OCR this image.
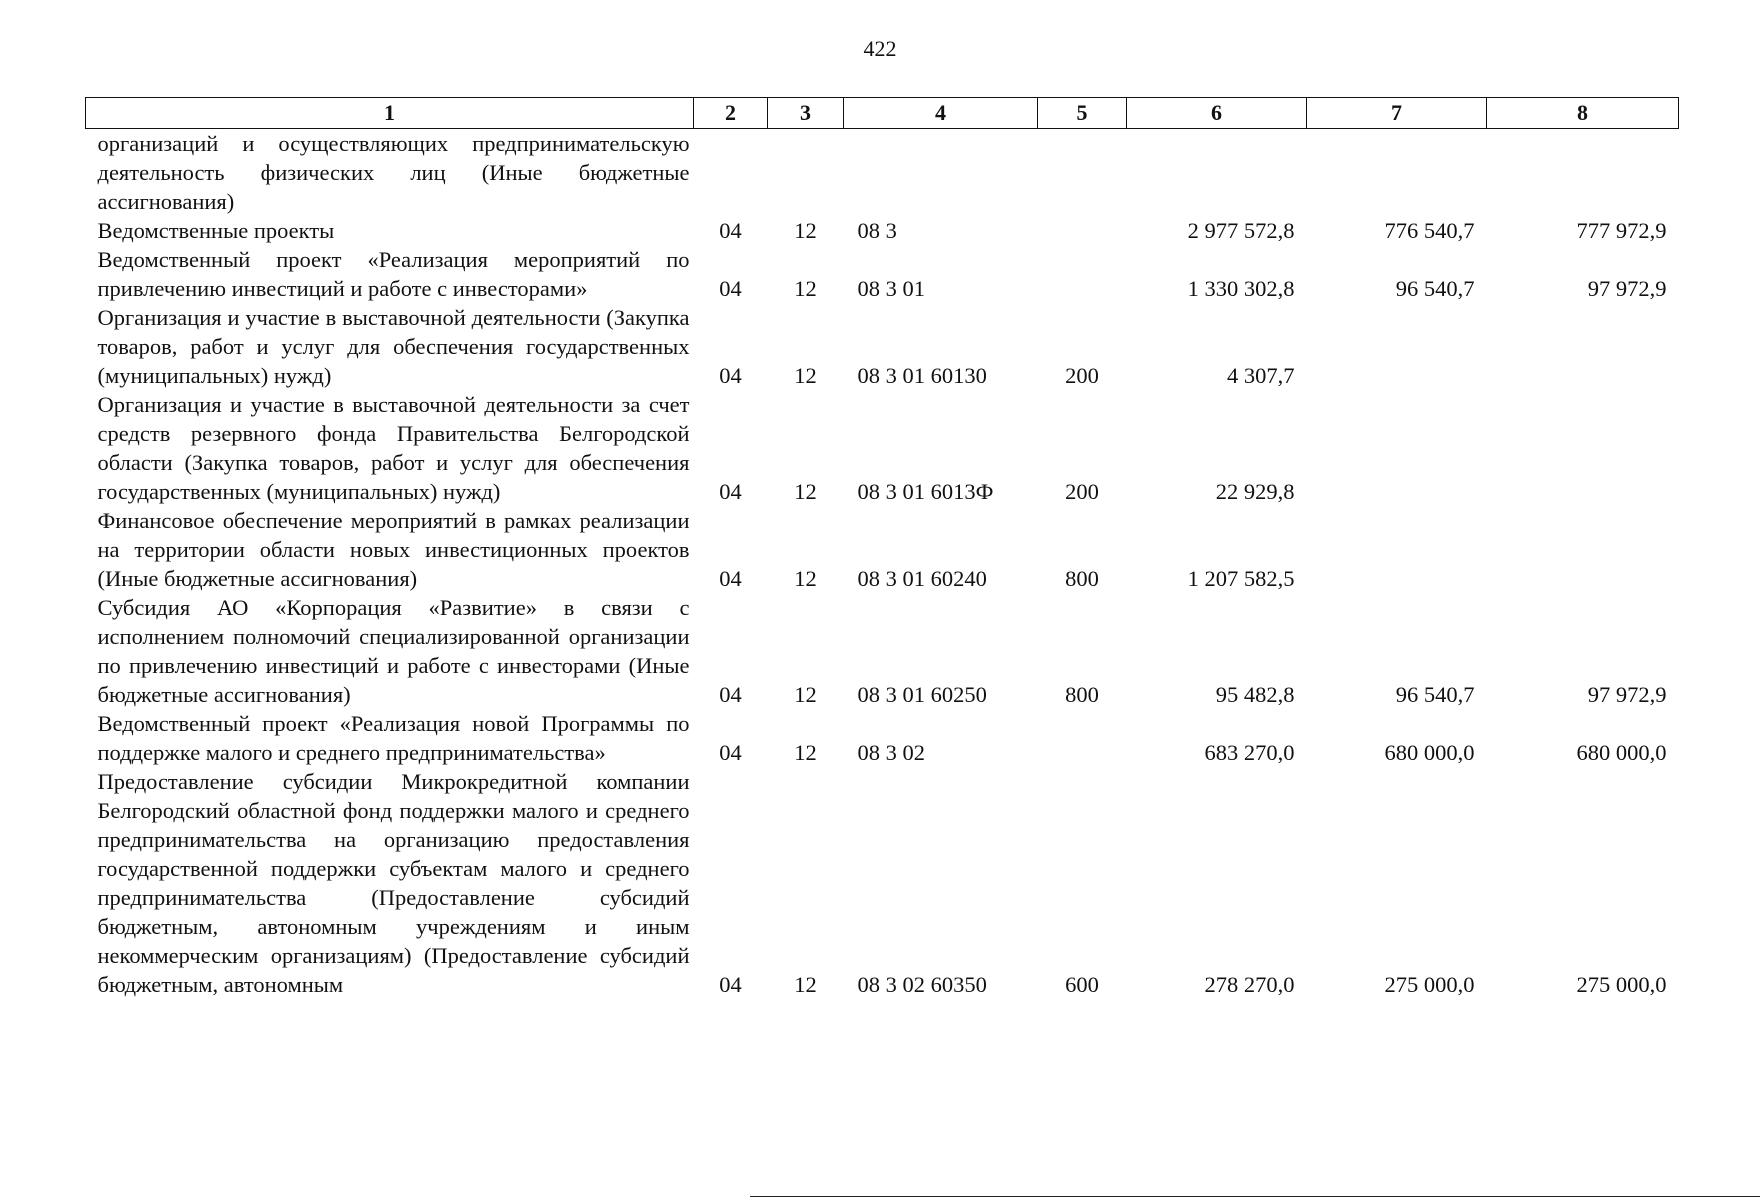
422
1	2	3	4	5	6	7	8
организаций и осуществляющих предпринимательскую деятельность физических лиц (Иные бюджетные ассигнования)							
Ведомственные проекты	04	12	08 3		2 977 572,8	776 540,7	777 972,9
Ведомственный проект «Реализация мероприятий по привлечению инвестиций и работе с инвесторами»	04	12	08 3 01		1 330 302,8	96 540,7	97 972,9
Организация и участие в выставочной деятельности (Закупка товаров, работ и услуг для обеспечения государственных (муниципальных) нужд)	04	12	08 3 01 60130	200	4 307,7		
Организация и участие в выставочной деятельности за счет средств резервного фонда Правительства Белгородской области (Закупка товаров, работ и услуг для обеспечения государственных (муниципальных) нужд)	04	12	08 3 01 6013Ф	200	22 929,8		
Финансовое обеспечение мероприятий в рамках реализации на территории области новых инвестиционных проектов (Иные бюджетные ассигнования)	04	12	08 3 01 60240	800	1 207 582,5		
Субсидия АО «Корпорация «Развитие» в связи с исполнением полномочий специализированной организации по привлечению инвестиций и работе с инвесторами (Иные бюджетные ассигнования)	04	12	08 3 01 60250	800	95 482,8	96 540,7	97 972,9
Ведомственный проект «Реализация новой Программы по поддержке малого и среднего предпринимательства»	04	12	08 3 02		683 270,0	680 000,0	680 000,0
Предоставление субсидии Микрокредитной компании Белгородский областной фонд поддержки малого и среднего предпринимательства на организацию предоставления государственной поддержки субъектам малого и среднего предпринимательства (Предоставление субсидий бюджетным, автономным учреждениям и иным некоммерческим организациям) (Предоставление субсидий бюджетным, автономным	04	12	08 3 02 60350	600	278 270,0	275 000,0	275 000,0
